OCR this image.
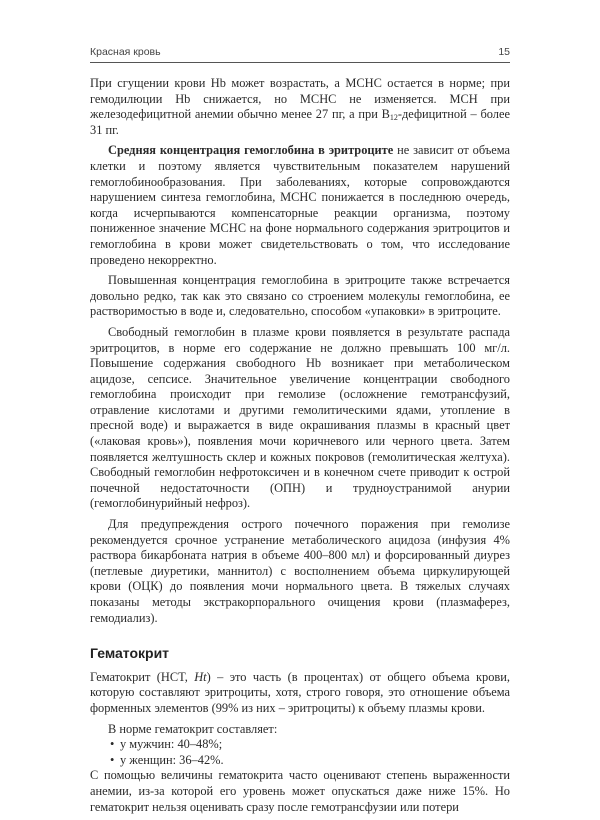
Красная кровь	15

При сгущении крови Hb может возрастать, а МСНС остается в норме; при гемодилюции Hb снижается, но МСНС не изменяется. МСН при железодефицитной анемии обычно менее 27 пг, а при $B_{12}$-дефицитной – более 31 пг.

Средняя концентрация гемоглобина в эритроците не зависит от объема клетки и поэтому является чувствительным показателем нарушений гемоглобинообразования. При заболеваниях, которые сопровождаются нарушением синтеза гемоглобина, МСНС понижается в последнюю очередь, когда исчерпываются компенсаторные реакции организма, поэтому пониженное значение МСНС на фоне нормального содержания эритроцитов и гемоглобина в крови может свидетельствовать о том, что исследование проведено некорректно.

Повышенная концентрация гемоглобина в эритроците также встречается довольно редко, так как это связано со строением молекулы гемоглобина, ее растворимостью в воде и, следовательно, способом «упаковки» в эритроците.

Свободный гемоглобин в плазме крови появляется в результате распада эритроцитов, в норме его содержание не должно превышать 100 мг/л. Повышение содержания свободного Hb возникает при метаболическом ацидозе, сепсисе. Значительное увеличение концентрации свободного гемоглобина происходит при гемолизе (осложнение гемотрансфузий, отравление кислотами и другими гемолитическими ядами, утопление в пресной воде) и выражается в виде окрашивания плазмы в красный цвет («лаковая кровь»), появления мочи коричневого или черного цвета. Затем появляется желтушность склер и кожных покровов (гемолитическая желтуха). Свободный гемоглобин нефротоксичен и в конечном счете приводит к острой почечной недостаточности (ОПН) и трудноустранимой анурии (гемоглобинурийный нефроз).

Для предупреждения острого почечного поражения при гемолизе рекомендуется срочное устранение метаболического ацидоза (инфузия 4% раствора бикарбоната натрия в объеме 400–800 мл) и форсированный диурез (петлевые диуретики, маннитол) с восполнением объема циркулирующей крови (ОЦК) до появления мочи нормального цвета. В тяжелых случаях показаны методы экстракорпорального очищения крови (плазмаферез, гемодиализ).

Гематокрит

Гематокрит (HCT, Ht) – это часть (в процентах) от общего объема крови, которую составляют эритроциты, хотя, строго говоря, это отношение объема форменных элементов (99% из них – эритроциты) к объему плазмы крови.

В норме гематокрит составляет:

• у мужчин: 40–48%;
• у женщин: 36–42%.

С помощью величины гематокрита часто оценивают степень выраженности анемии, из-за которой его уровень может опускаться даже ниже 15%. Но гематокрит нельзя оценивать сразу после гемотрансфузии или потери
